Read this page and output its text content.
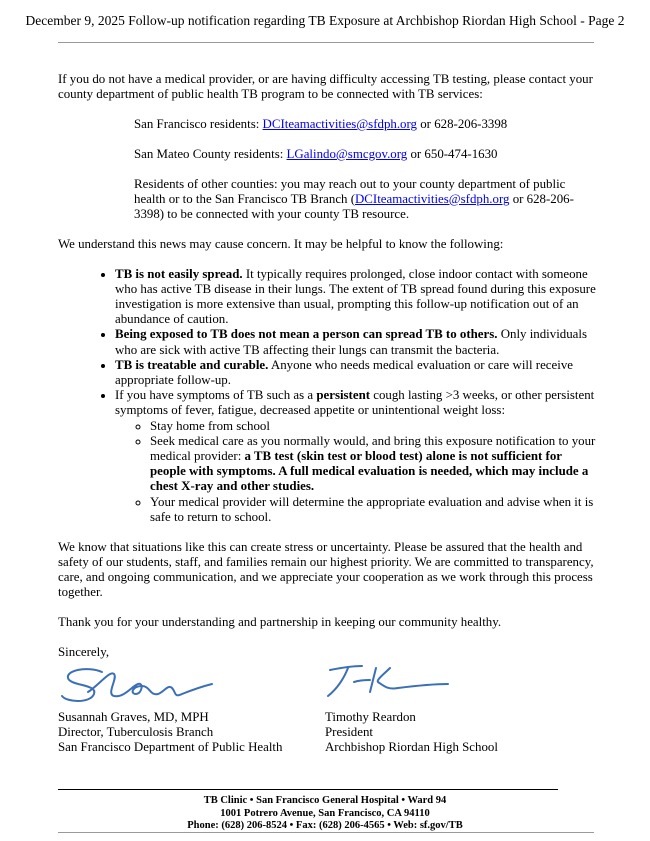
December 9, 2025 Follow-up notification regarding TB Exposure at Archbishop Riordan High School - Page 2

If you do not have a medical provider, or are having difficulty accessing TB testing, please contact your county department of public health TB program to be connected with TB services:

San Francisco residents: DCIteamactivities@sfdph.org or 628-206-3398

San Mateo County residents: LGalindo@smcgov.org or 650-474-1630

Residents of other counties: you may reach out to your county department of public health or to the San Francisco TB Branch (DCIteamactivities@sfdph.org or 628-206-3398) to be connected with your county TB resource.

We understand this news may cause concern. It may be helpful to know the following:

• TB is not easily spread. It typically requires prolonged, close indoor contact with someone who has active TB disease in their lungs. The extent of TB spread found during this exposure investigation is more extensive than usual, prompting this follow-up notification out of an abundance of caution.
• Being exposed to TB does not mean a person can spread TB to others. Only individuals who are sick with active TB affecting their lungs can transmit the bacteria.
• TB is treatable and curable. Anyone who needs medical evaluation or care will receive appropriate follow-up.
• If you have symptoms of TB such as a persistent cough lasting >3 weeks, or other persistent symptoms of fever, fatigue, decreased appetite or unintentional weight loss:
◦ Stay home from school
◦ Seek medical care as you normally would, and bring this exposure notification to your medical provider: a TB test (skin test or blood test) alone is not sufficient for people with symptoms. A full medical evaluation is needed, which may include a chest X-ray and other studies.
◦ Your medical provider will determine the appropriate evaluation and advise when it is safe to return to school.

We know that situations like this can create stress or uncertainty. Please be assured that the health and safety of our students, staff, and families remain our highest priority. We are committed to transparency, care, and ongoing communication, and we appreciate your cooperation as we work through this process together.

Thank you for your understanding and partnership in keeping our community healthy.

Sincerely,

Susannah Graves, MD, MPH
Director, Tuberculosis Branch
San Francisco Department of Public Health
Timothy Reardon
President
Archbishop Riordan High School
TB Clinic • San Francisco General Hospital • Ward 94
1001 Potrero Avenue, San Francisco, CA 94110
Phone: (628) 206-8524 • Fax: (628) 206-4565 • Web: sf.gov/TB
